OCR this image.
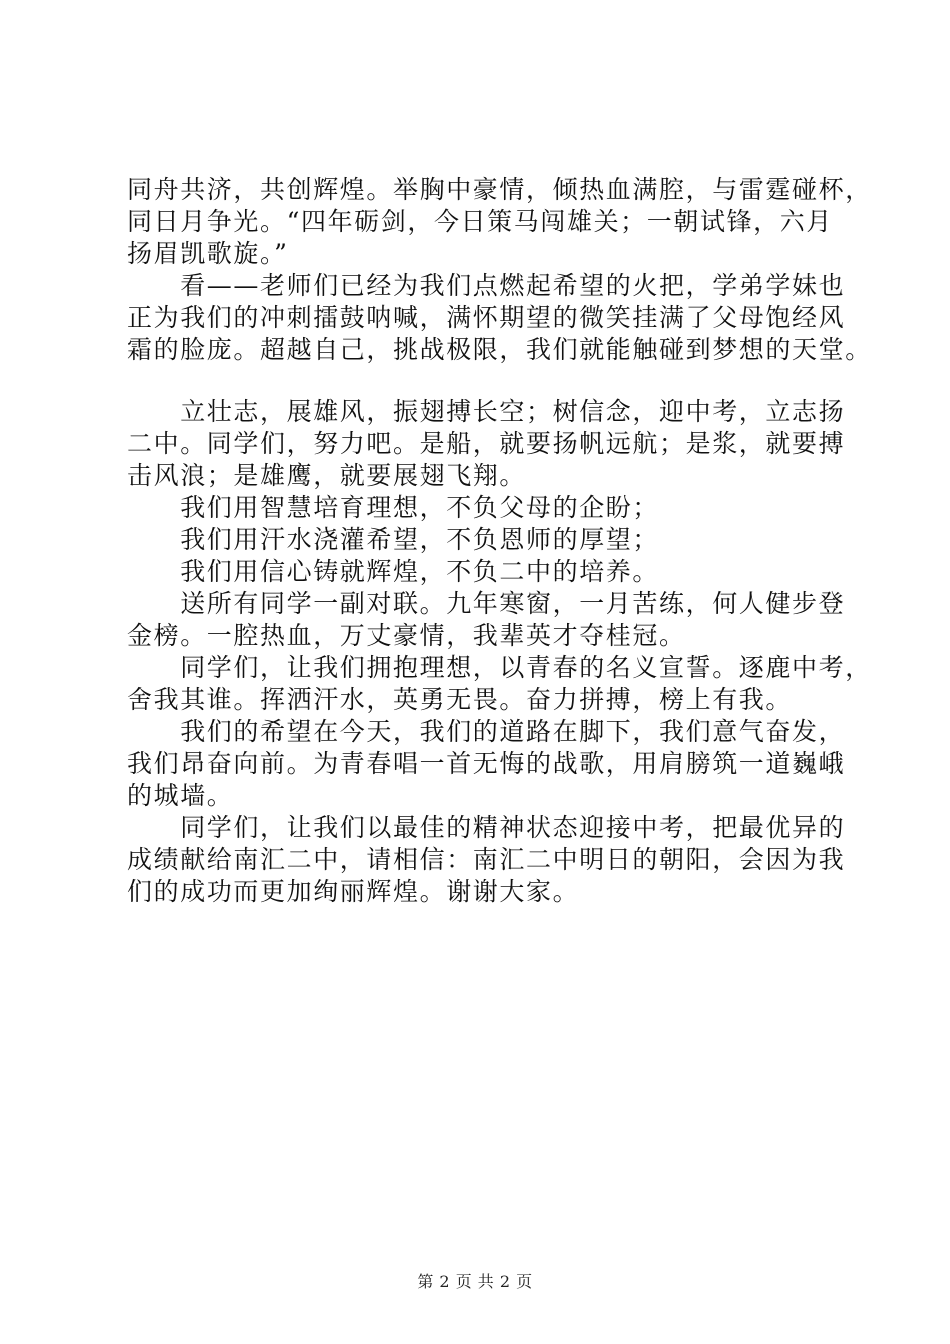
同舟共济，共创辉煌。举胸中豪情，倾热血满腔，与雷霆碰杯，
同日月争光。“四年砺剑，今日策马闯雄关；一朝试锋，六月
扬眉凯歌旋。”

　　看——老师们已经为我们点燃起希望的火把，学弟学妹也
正为我们的冲刺擂鼓呐喊，满怀期望的微笑挂满了父母饱经风
霜的脸庞。超越自己，挑战极限，我们就能触碰到梦想的天堂。

　　立壮志，展雄风，振翅搏长空；树信念，迎中考，立志扬
二中。同学们，努力吧。是船，就要扬帆远航；是浆，就要搏
击风浪；是雄鹰，就要展翅飞翔。

　　我们用智慧培育理想，不负父母的企盼；

　　我们用汗水浇灌希望，不负恩师的厚望；

　　我们用信心铸就辉煌，不负二中的培养。

　　送所有同学一副对联。九年寒窗，一月苦练，何人健步登
金榜。一腔热血，万丈豪情，我辈英才夺桂冠。

　　同学们，让我们拥抱理想，以青春的名义宣誓。逐鹿中考，
舍我其谁。挥洒汗水，英勇无畏。奋力拼搏，榜上有我。

　　我们的希望在今天，我们的道路在脚下，我们意气奋发，
我们昂奋向前。为青春唱一首无悔的战歌，用肩膀筑一道巍峨
的城墙。

　　同学们，让我们以最佳的精神状态迎接中考，把最优异的
成绩献给南汇二中，请相信：南汇二中明日的朝阳，会因为我
们的成功而更加绚丽辉煌。谢谢大家。

第 2 页 共 2 页
